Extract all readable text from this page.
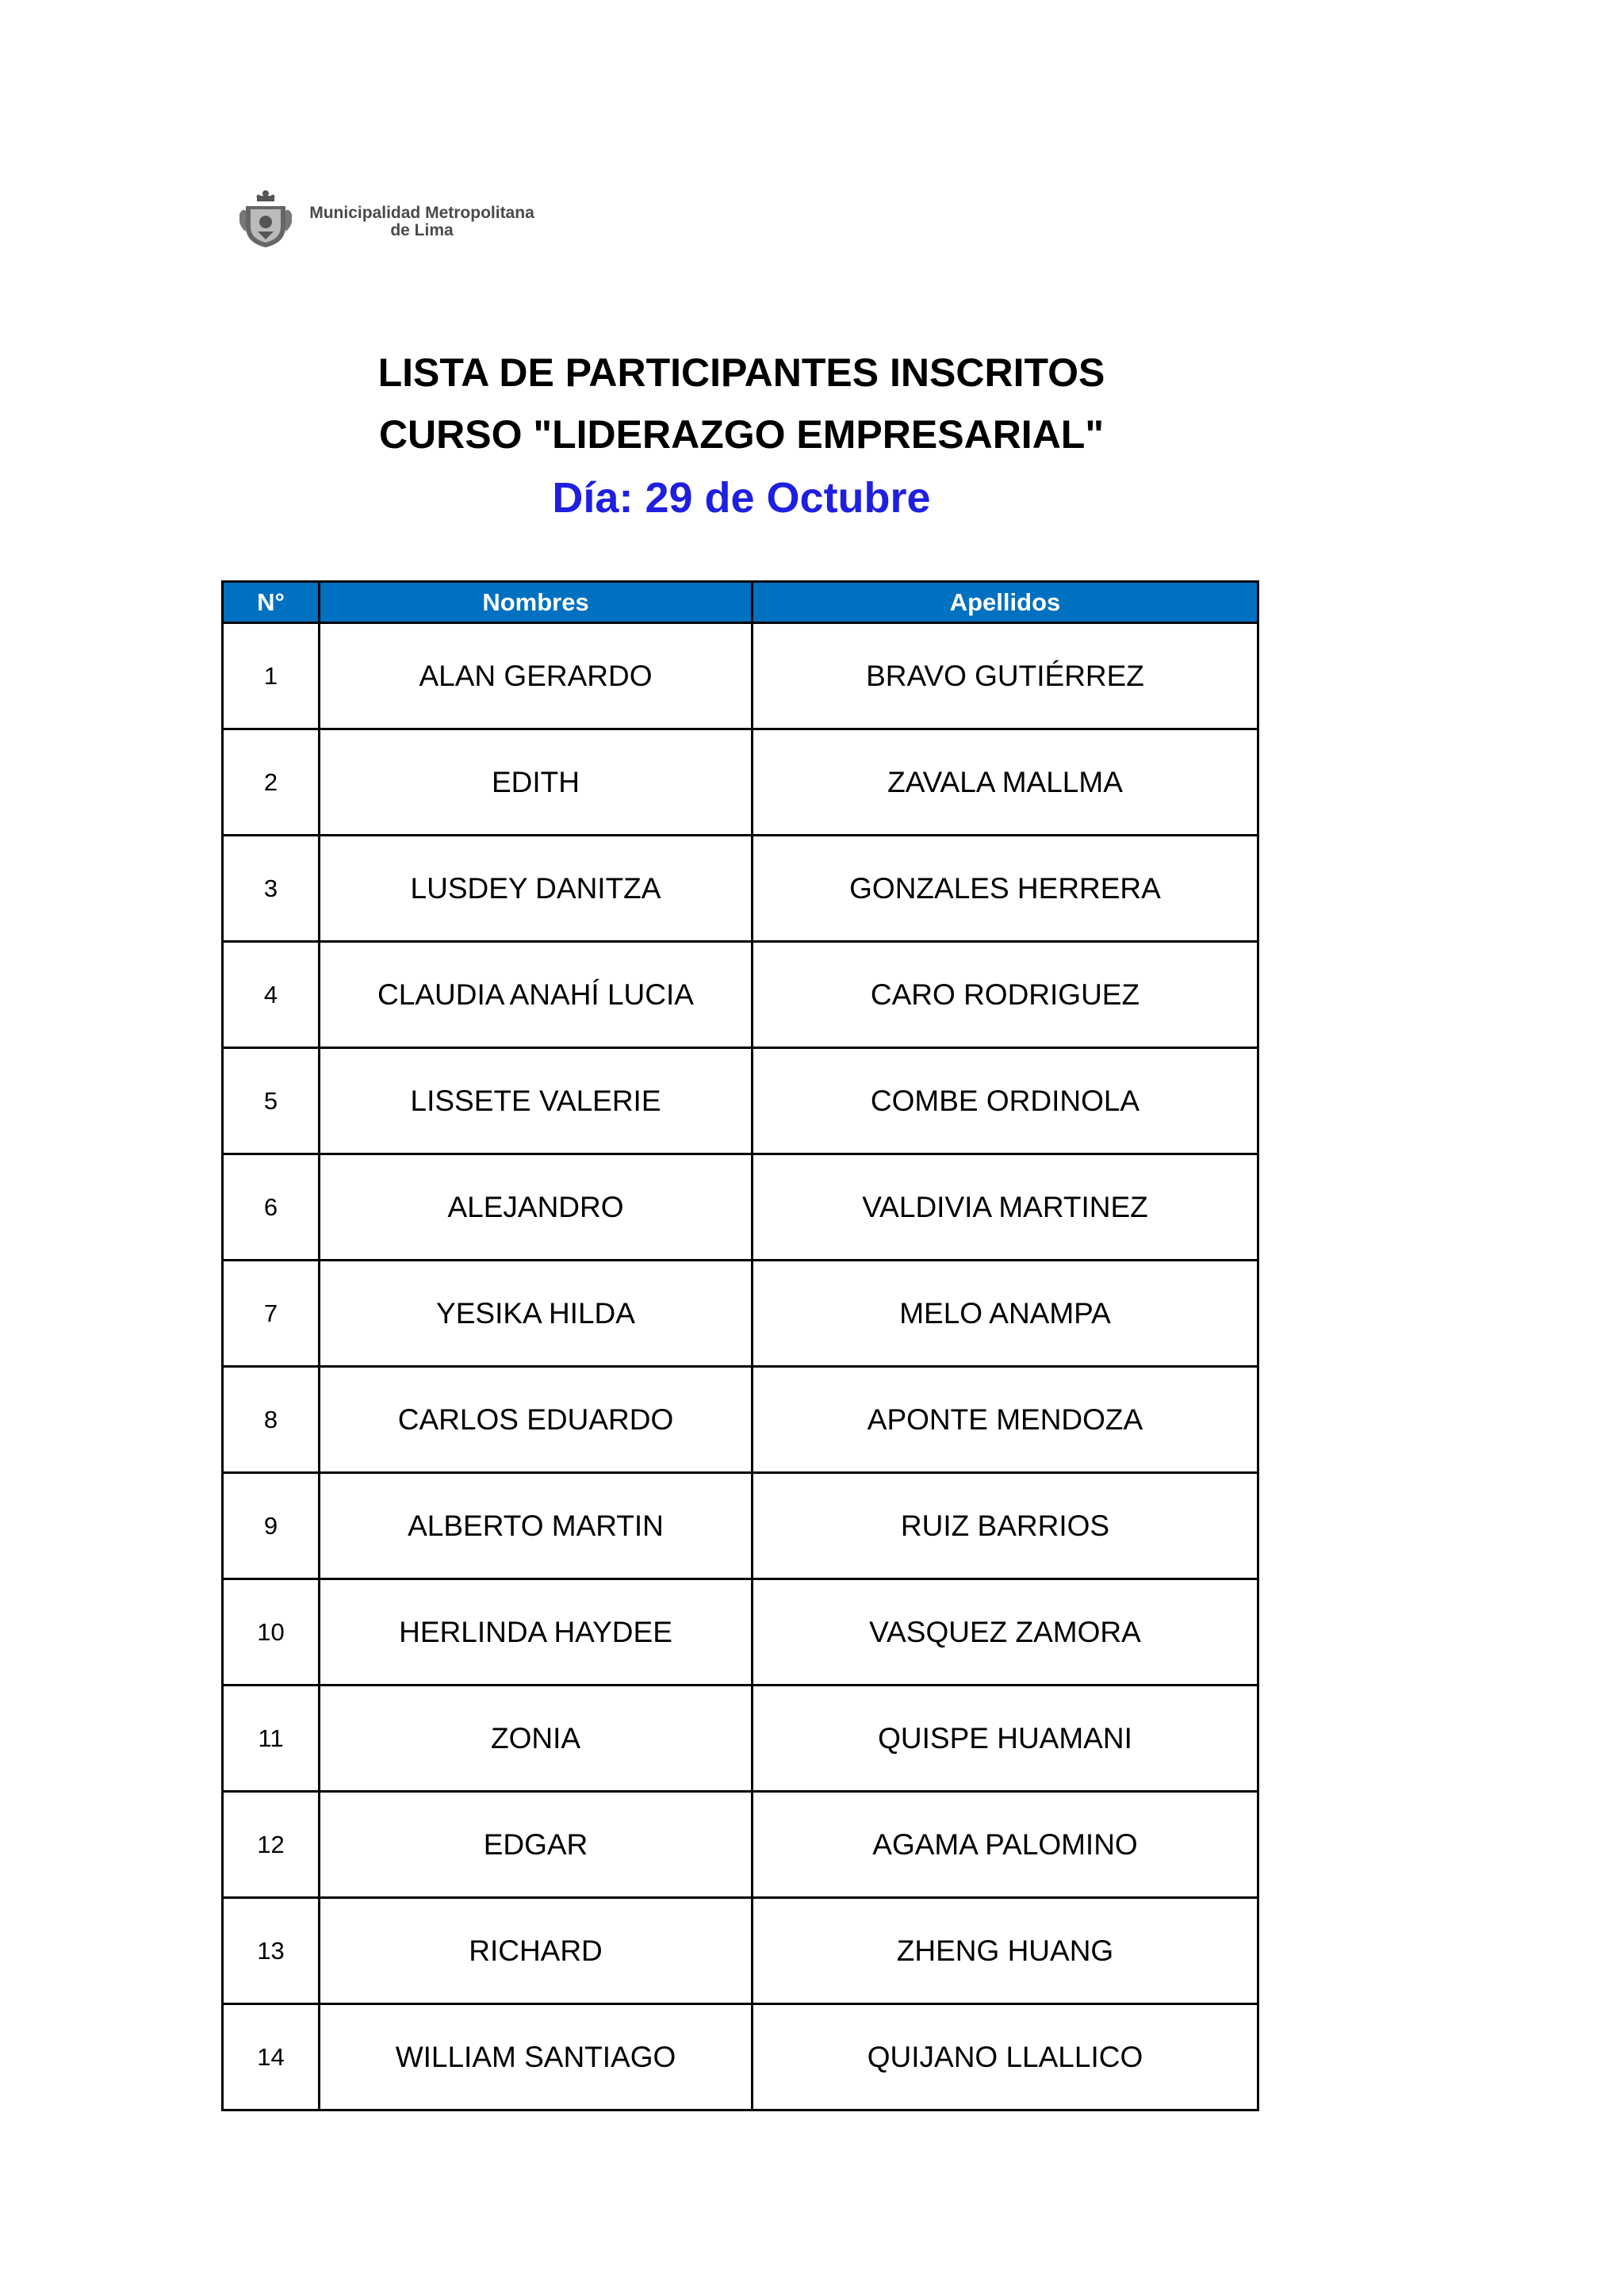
Municipalidad Metropolitana
de Lima
LISTA DE PARTICIPANTES INSCRITOS
CURSO "LIDERAZGO EMPRESARIAL"
Día: 29 de Octubre
N°	Nombres	Apellidos
1	ALAN GERARDO	BRAVO GUTIÉRREZ
2	EDITH	ZAVALA MALLMA
3	LUSDEY DANITZA	GONZALES HERRERA
4	CLAUDIA ANAHÍ LUCIA	CARO RODRIGUEZ
5	LISSETE VALERIE	COMBE ORDINOLA
6	ALEJANDRO	VALDIVIA MARTINEZ
7	YESIKA HILDA	MELO ANAMPA
8	CARLOS EDUARDO	APONTE MENDOZA
9	ALBERTO MARTIN	RUIZ BARRIOS
10	HERLINDA HAYDEE	VASQUEZ ZAMORA
11	ZONIA	QUISPE HUAMANI
12	EDGAR	AGAMA PALOMINO
13	RICHARD	ZHENG HUANG
14	WILLIAM SANTIAGO	QUIJANO LLALLICO
